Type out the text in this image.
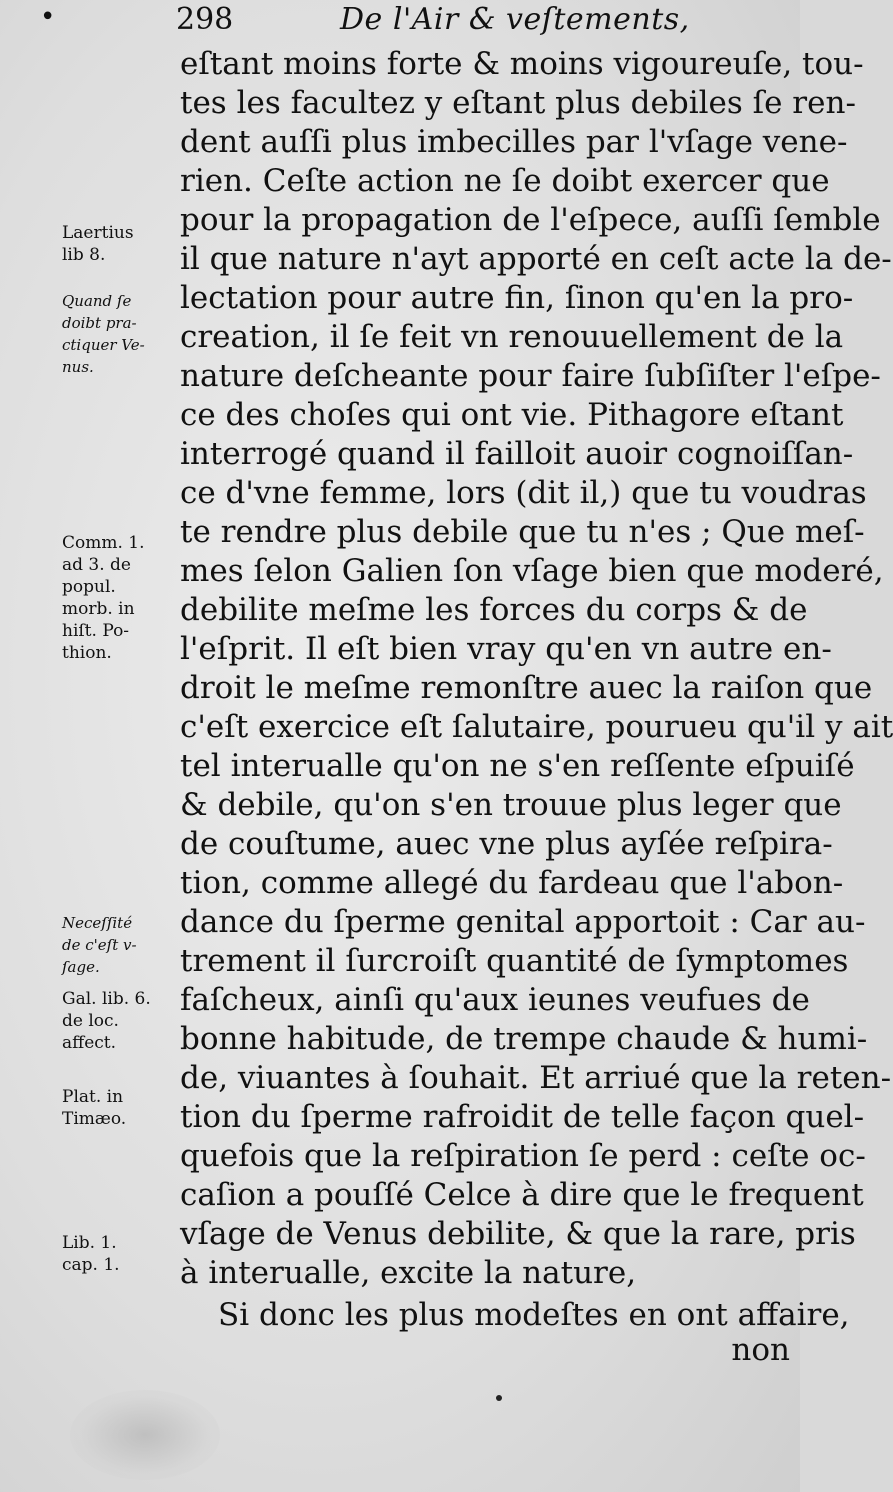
•	298	De l'Air & veſtements,
eſtant moins forte & moins vigoureuſe, tou-
tes les facultez y eſtant plus debiles ſe ren-
dent auſſi plus imbecilles par l'vſage vene-
rien. Ceſte action ne ſe doibt exercer que
pour la propagation de l'eſpece, auſſi ſemble
il que nature n'ayt apporté en ceſt acte la de-
lectation pour autre fin, ſinon qu'en la pro-
creation, il ſe feit vn renouuellement de la
nature deſcheante pour faire ſubſiſter l'eſpe-
ce des choſes qui ont vie. Pithagore eſtant
interrogé quand il failloit auoir cognoiſſan-
ce d'vne femme, lors (dit il,) que tu voudras
te rendre plus debile que tu n'es ; Que meſ-
mes ſelon Galien ſon vſage bien que moderé,
debilite meſme les forces du corps & de
l'eſprit. Il eſt bien vray qu'en vn autre en-
droit le meſme remonſtre auec la raiſon que
c'eſt exercice eſt ſalutaire, pourueu qu'il y ait
tel interualle qu'on ne s'en reſſente eſpuiſé
& debile, qu'on s'en trouue plus leger que
de couſtume, auec vne plus ayſée reſpira-
tion, comme allegé du fardeau que l'abon-
dance du ſperme genital apportoit : Car au-
trement il ſurcroiſt quantité de ſymptomes
faſcheux, ainſi qu'aux ieunes veufues de
bonne habitude, de trempe chaude & humi-
de, viuantes à ſouhait. Et arriué que la reten-
tion du ſperme rafroidit de telle façon quel-
quefois que la reſpiration ſe perd : ceſte oc-
caſion a pouſſé Celce à dire que le frequent
vſage de Venus debilite, & que la rare, pris
à interualle, excite la nature,
Si donc les plus modeſtes en ont affaire,
non
Laertius
lib 8.
Quand ſe
doibt pra-
ctiquer Ve-
nus.
Comm. 1.
ad 3. de
popul.
morb. in
hiſt. Po-
thion.
Neceſſité
de c'eſt v-
ſage.
Gal. lib. 6.
de loc.
affect.
Plat. in
Timæo.
Lib. 1.
cap. 1.
